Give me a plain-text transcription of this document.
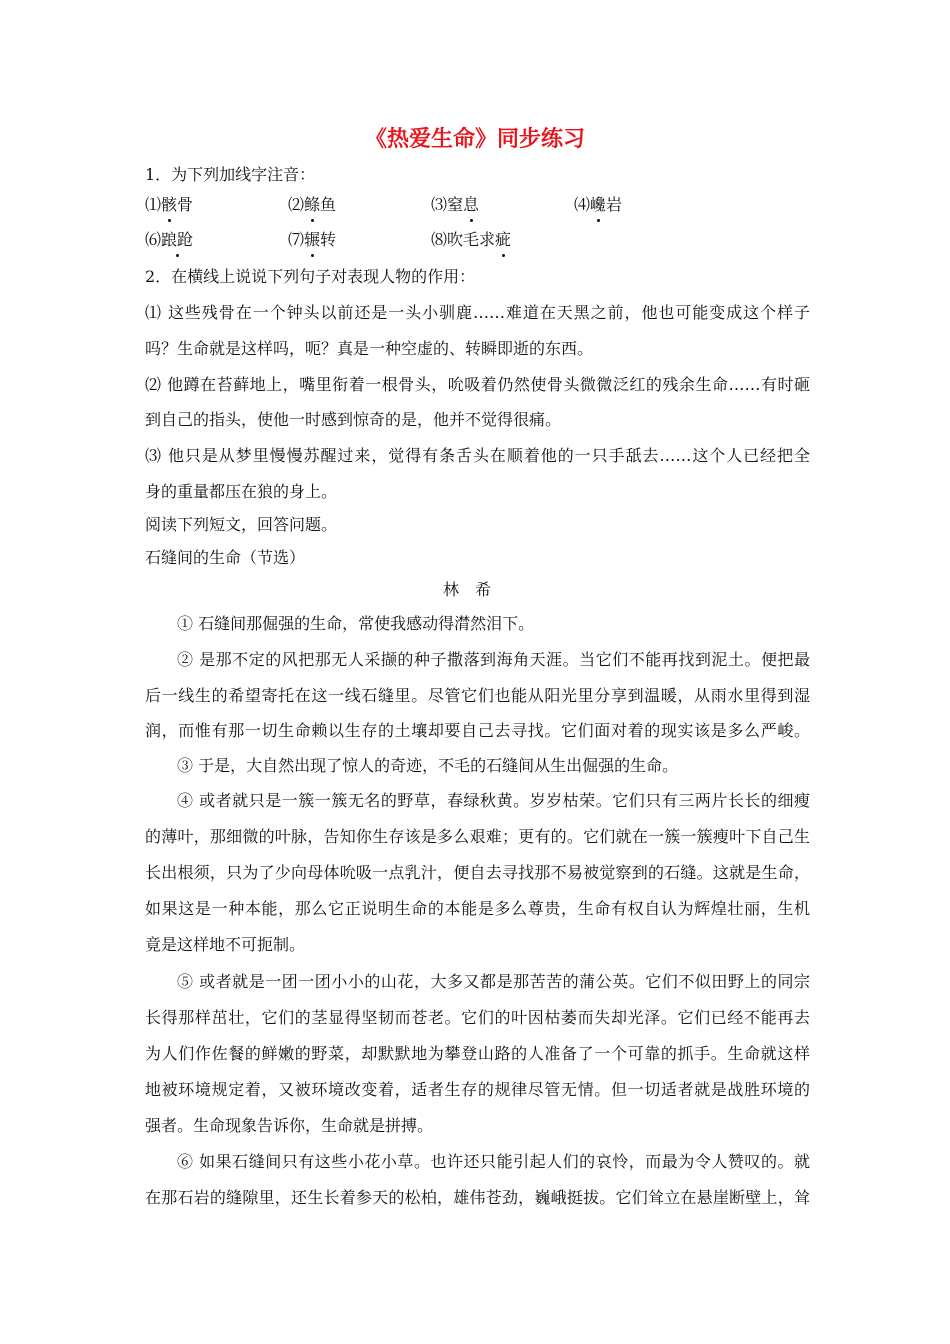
《热爱生命》同步练习
1．为下列加线字注音：
⑴骸骨	⑵鲦鱼	⑶窒息	⑷巉岩
⑹踉跄	⑺辗转	⑻吹毛求疵
2．在横线上说说下列句子对表现人物的作用：
⑴ 这些残骨在一个钟头以前还是一头小驯鹿……难道在天黑之前，他也可能变成这个样子
吗？生命就是这样吗，呃？真是一种空虚的、转瞬即逝的东西。
⑵ 他蹲在苔藓地上，嘴里衔着一根骨头，吮吸着仍然使骨头微微泛红的残余生命……有时砸
到自己的指头，使他一时感到惊奇的是，他并不觉得很痛。
⑶ 他只是从梦里慢慢苏醒过来，觉得有条舌头在顺着他的一只手舐去……这个人已经把全
身的重量都压在狼的身上。
阅读下列短文，回答问题。
石缝间的生命（节选）
林希
① 石缝间那倔强的生命，常使我感动得潸然泪下。
② 是那不定的风把那无人采撷的种子撒落到海角天涯。当它们不能再找到泥土。便把最
后一线生的希望寄托在这一线石缝里。尽管它们也能从阳光里分享到温暖，从雨水里得到湿
润，而惟有那一切生命赖以生存的土壤却要自己去寻找。它们面对着的现实该是多么严峻。
③ 于是，大自然出现了惊人的奇迹，不毛的石缝间从生出倔强的生命。
④ 或者就只是一簇一簇无名的野草，春绿秋黄。岁岁枯荣。它们只有三两片长长的细瘦
的薄叶，那细微的叶脉，告知你生存该是多么艰难；更有的。它们就在一簇一簇瘦叶下自己生
长出根须，只为了少向母体吮吸一点乳汁，便自去寻找那不易被觉察到的石缝。这就是生命，
如果这是一种本能，那么它正说明生命的本能是多么尊贵，生命有权自认为辉煌壮丽，生机
竟是这样地不可扼制。
⑤ 或者就是一团一团小小的山花，大多又都是那苦苦的蒲公英。它们不似田野上的同宗
长得那样茁壮，它们的茎显得坚韧而苍老。它们的叶因枯萎而失却光泽。它们已经不能再去
为人们作佐餐的鲜嫩的野菜，却默默地为攀登山路的人准备了一个可靠的抓手。生命就这样
地被环境规定着，又被环境改变着，适者生存的规律尽管无情。但一切适者就是战胜环境的
强者。生命现象告诉你，生命就是拼搏。
⑥ 如果石缝间只有这些小花小草。也许还只能引起人们的哀怜，而最为令人赞叹的。就
在那石岩的缝隙里，还生长着参天的松柏，雄伟苍劲，巍峨挺拔。它们耸立在悬崖断壁上，耸
